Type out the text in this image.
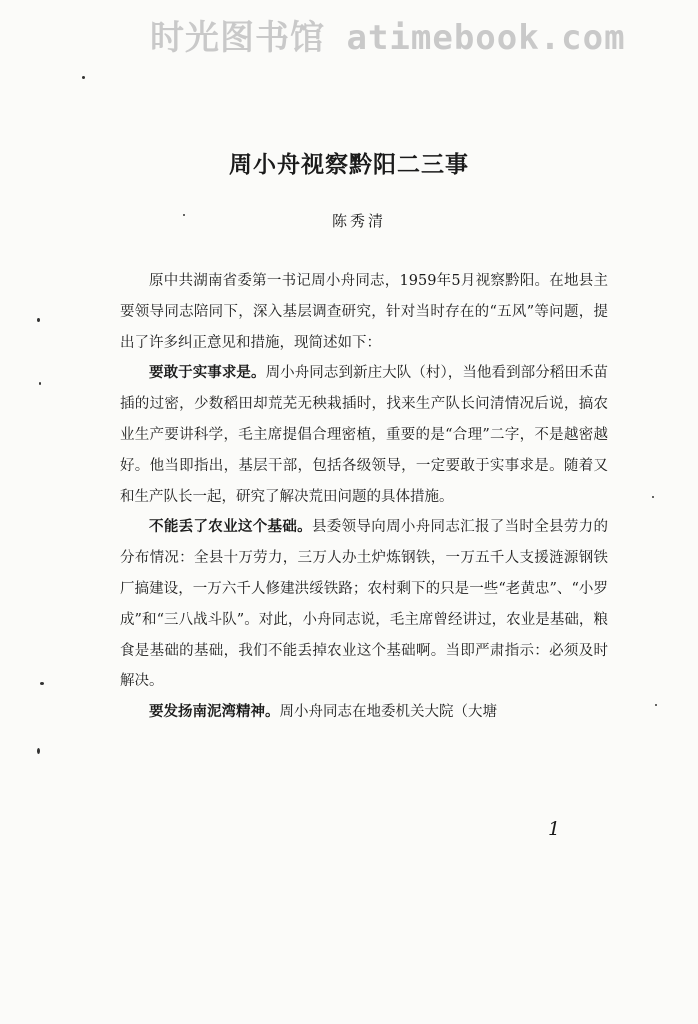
时光图书馆 atimebook.com
周小舟视察黔阳二三事
陈秀清

原中共湖南省委第一书记周小舟同志，1959年5月视察黔阳。在地县主要领导同志陪同下，深入基层调查研究，针对当时存在的“五风”等问题，提出了许多纠正意见和措施，现简述如下：

要敢于实事求是。周小舟同志到新庄大队（村），当他看到部分稻田禾苗插的过密，少数稻田却荒芜无秧栽插时，找来生产队长问清情况后说，搞农业生产要讲科学，毛主席提倡合理密植，重要的是“合理”二字，不是越密越好。他当即指出，基层干部，包括各级领导，一定要敢于实事求是。随着又和生产队长一起，研究了解决荒田问题的具体措施。

不能丢了农业这个基础。县委领导向周小舟同志汇报了当时全县劳力的分布情况：全县十万劳力，三万人办土炉炼钢铁，一万五千人支援涟源钢铁厂搞建设，一万六千人修建洪绥铁路；农村剩下的只是一些“老黄忠”、“小罗成”和“三八战斗队”。对此，小舟同志说，毛主席曾经讲过，农业是基础，粮食是基础的基础，我们不能丢掉农业这个基础啊。当即严肃指示：必须及时解决。

要发扬南泥湾精神。周小舟同志在地委机关大院（大塘

1
